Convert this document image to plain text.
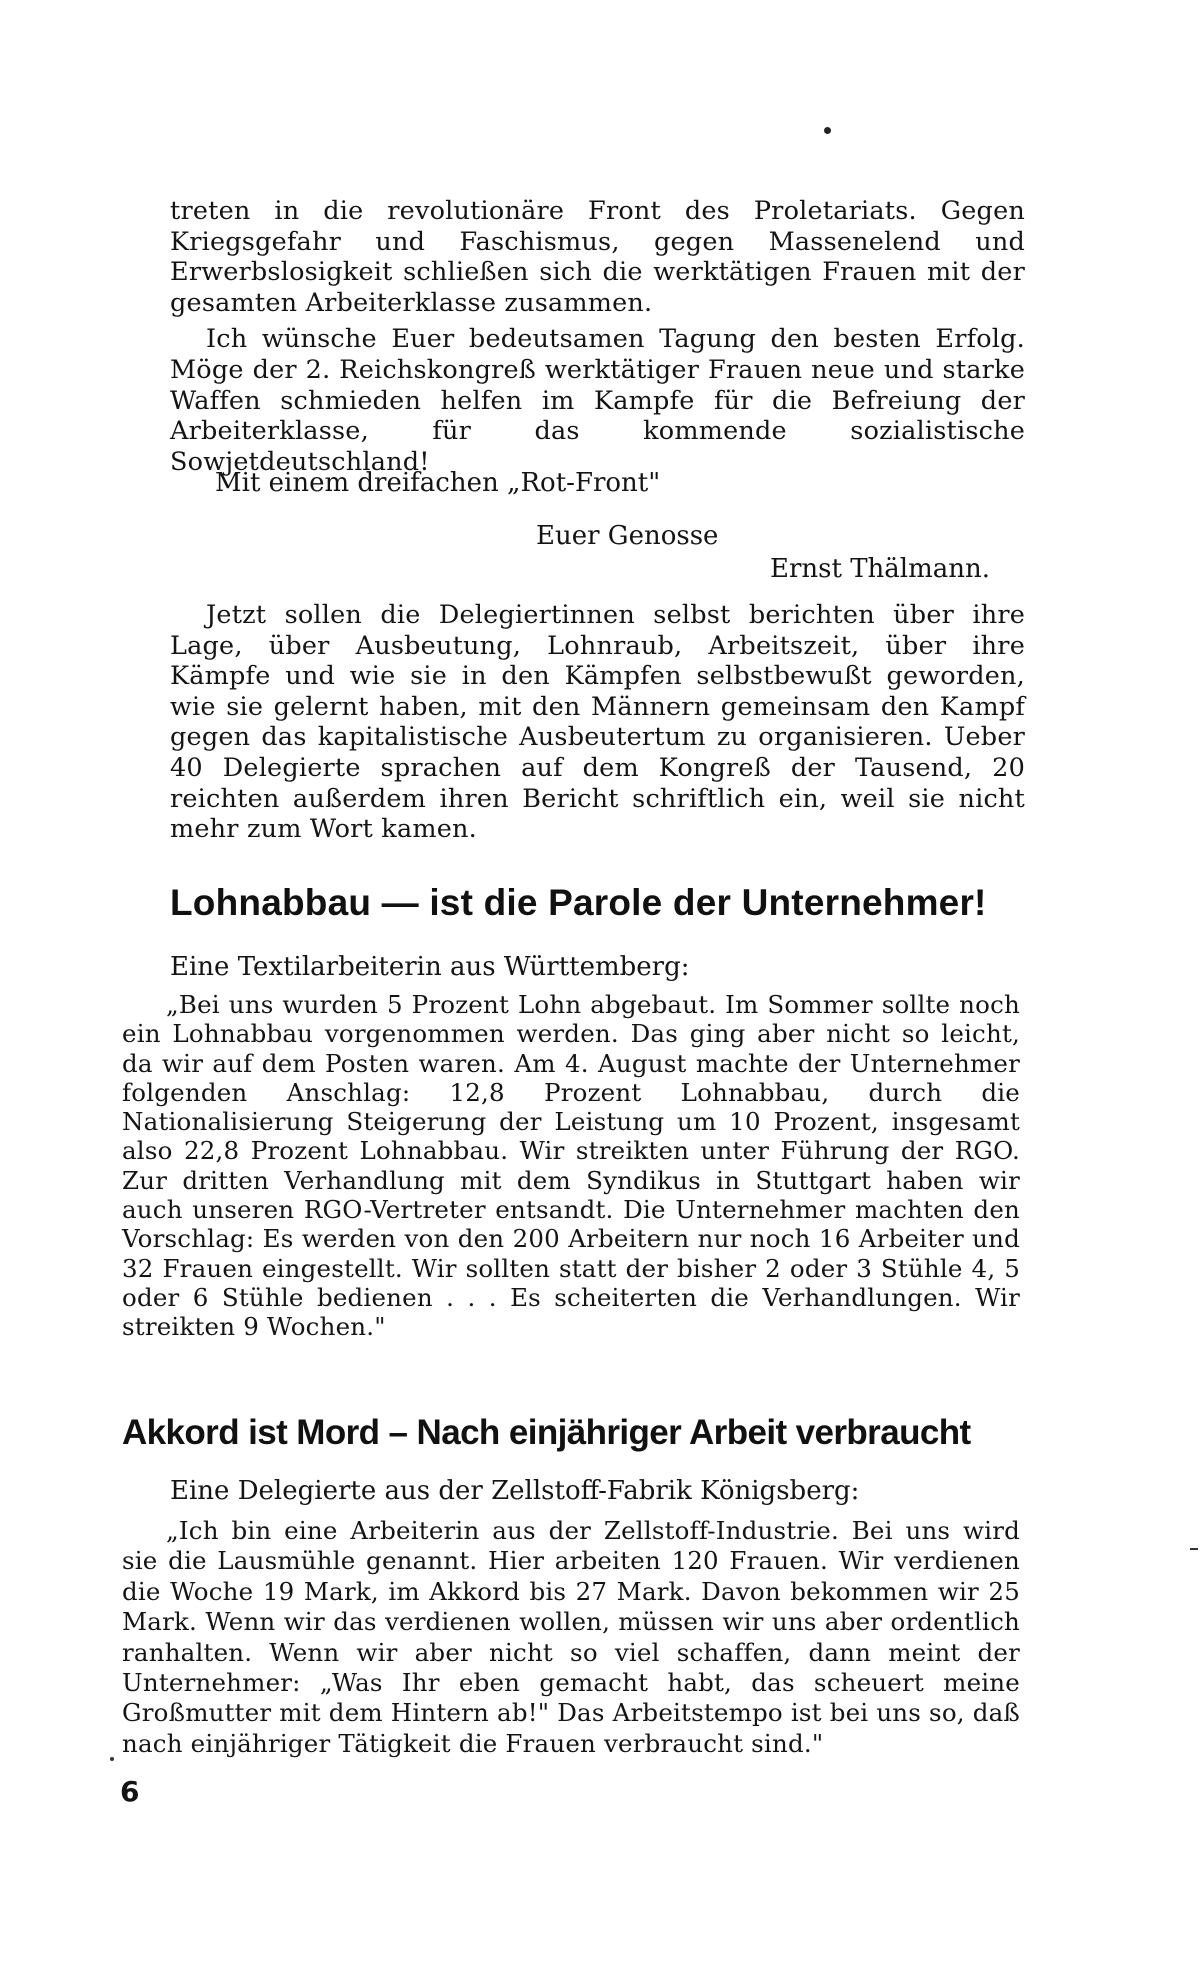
treten in die revolutionäre Front des Proletariats. Gegen Kriegsgefahr und Faschismus, gegen Massenelend und Erwerbslosigkeit schließen sich die werktätigen Frauen mit der gesamten Arbeiterklasse zusammen.

Ich wünsche Euer bedeutsamen Tagung den besten Erfolg. Möge der 2. Reichskongreß werktätiger Frauen neue und starke Waffen schmieden helfen im Kampfe für die Befreiung der Arbeiterklasse, für das kommende sozialistische Sowjetdeutschland!

Mit einem dreifachen „Rot-Front"
Euer Genosse
Ernst Thälmann.

Jetzt sollen die Delegiertinnen selbst berichten über ihre Lage, über Ausbeutung, Lohnraub, Arbeitszeit, über ihre Kämpfe und wie sie in den Kämpfen selbstbewußt geworden, wie sie gelernt haben, mit den Männern gemeinsam den Kampf gegen das kapitalistische Ausbeutertum zu organisieren. Ueber 40 Delegierte sprachen auf dem Kongreß der Tausend, 20 reichten außerdem ihren Bericht schriftlich ein, weil sie nicht mehr zum Wort kamen.

Lohnabbau — ist die Parole der Unternehmer!
Eine Textilarbeiterin aus Württemberg:

„Bei uns wurden 5 Prozent Lohn abgebaut. Im Sommer sollte noch ein Lohnabbau vorgenommen werden. Das ging aber nicht so leicht, da wir auf dem Posten waren. Am 4. August machte der Unternehmer folgenden Anschlag: 12,8 Prozent Lohnabbau, durch die Nationalisierung Steigerung der Leistung um 10 Prozent, insgesamt also 22,8 Prozent Lohnabbau. Wir streikten unter Führung der RGO. Zur dritten Verhandlung mit dem Syndikus in Stuttgart haben wir auch unseren RGO-Vertreter entsandt. Die Unternehmer machten den Vorschlag: Es werden von den 200 Arbeitern nur noch 16 Arbeiter und 32 Frauen eingestellt. Wir sollten statt der bisher 2 oder 3 Stühle 4, 5 oder 6 Stühle bedienen . . . Es scheiterten die Verhandlungen. Wir streikten 9 Wochen."

Akkord ist Mord – Nach einjähriger Arbeit verbraucht
Eine Delegierte aus der Zellstoff-Fabrik Königsberg:

„Ich bin eine Arbeiterin aus der Zellstoff-Industrie. Bei uns wird sie die Lausmühle genannt. Hier arbeiten 120 Frauen. Wir verdienen die Woche 19 Mark, im Akkord bis 27 Mark. Davon bekommen wir 25 Mark. Wenn wir das verdienen wollen, müssen wir uns aber ordentlich ranhalten. Wenn wir aber nicht so viel schaffen, dann meint der Unternehmer: „Was Ihr eben gemacht habt, das scheuert meine Großmutter mit dem Hintern ab!" Das Arbeitstempo ist bei uns so, daß nach einjähriger Tätigkeit die Frauen verbraucht sind."

6
